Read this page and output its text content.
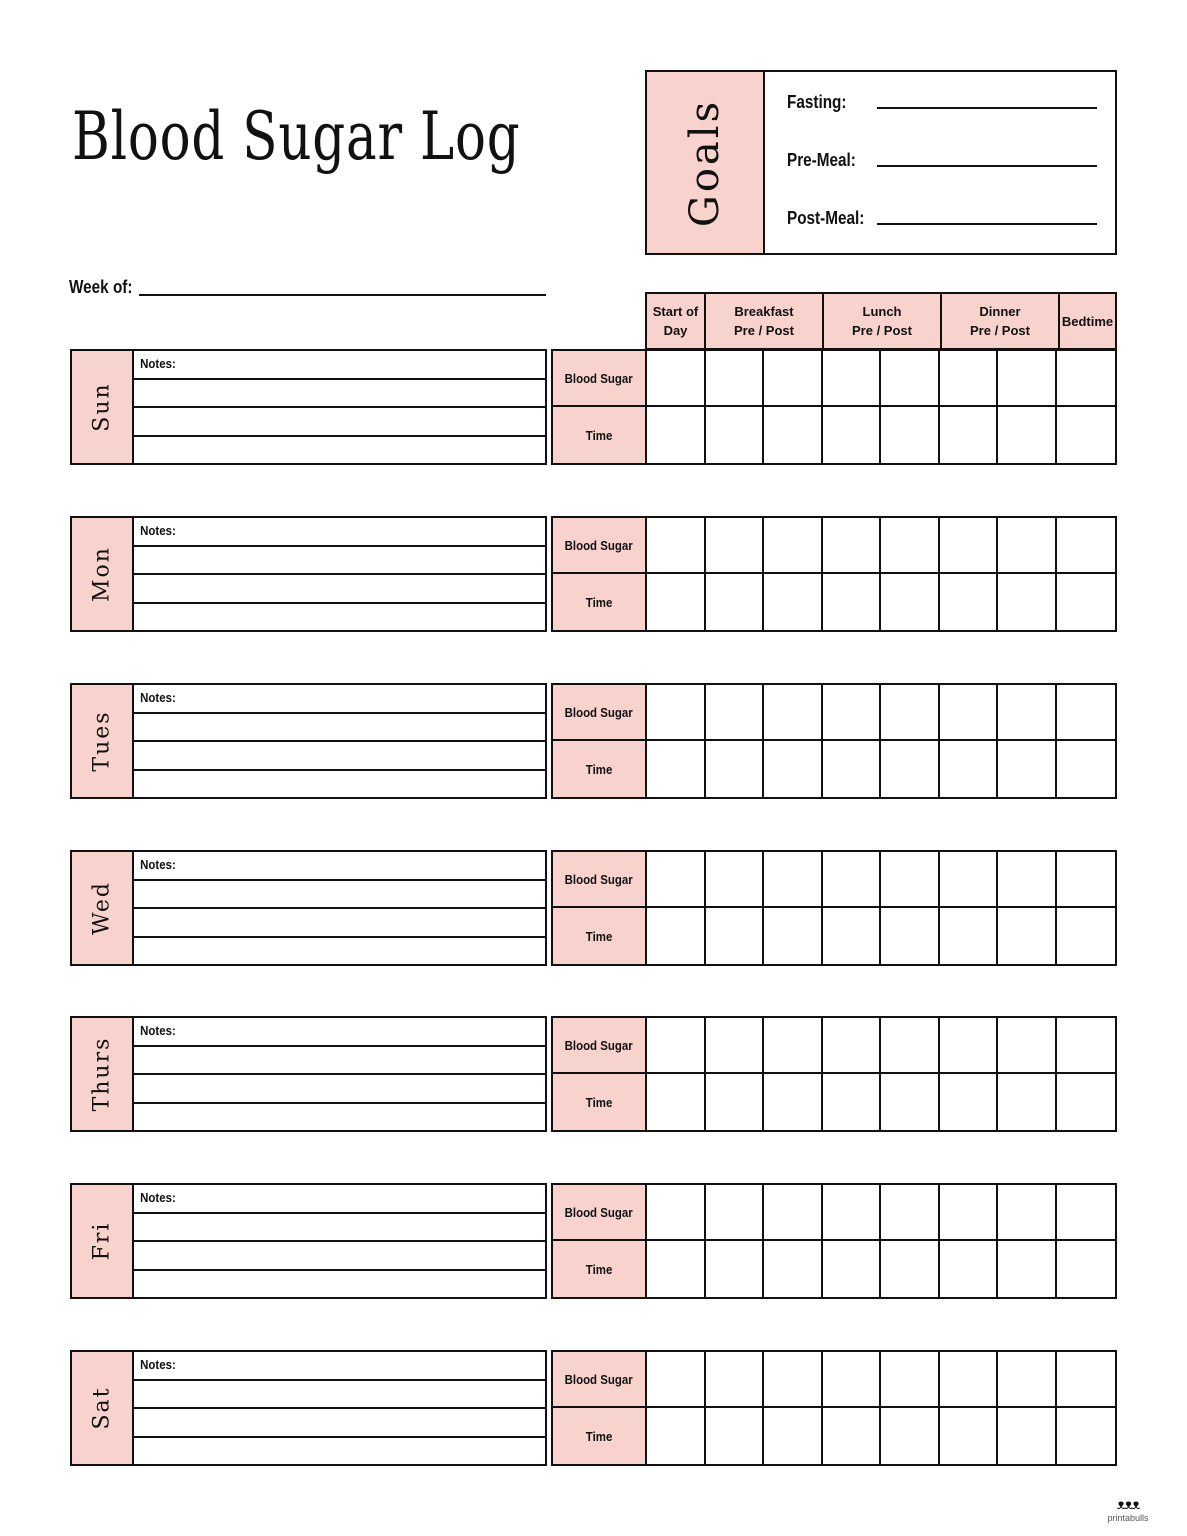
Blood Sugar Log	Goals	Fasting:
Pre-Meal:
Post-Meal:
Week of:
Start of
Day
Breakfast
Pre / Post
Lunch
Pre / Post
Dinner
Pre / Post
Bedtime
Sun
Notes:
Blood Sugar
Time
Mon
Notes:
Blood Sugar
Time
Tues
Notes:
Blood Sugar
Time
Wed
Notes:
Blood Sugar
Time
Thurs
Notes:
Blood Sugar
Time
Fri
Notes:
Blood Sugar
Time
Sat
Notes:
Blood Sugar
Time
ᴥᴥᴥ
printabulls
